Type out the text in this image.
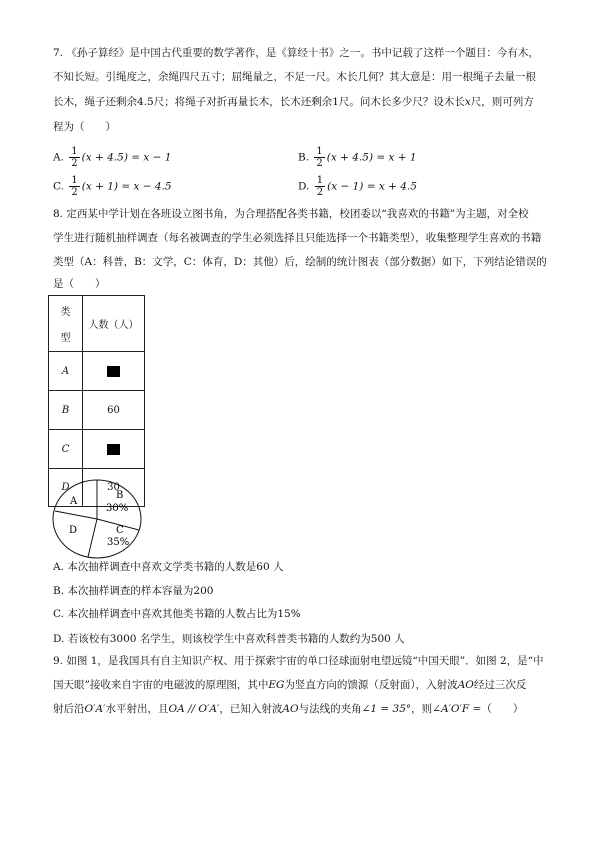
7. 《孙子算经》是中国古代重要的数学著作，是《算经十书》之一。书中记载了这样一个题目：今有木，
不知长短。引绳度之，余绳四尺五寸；屈绳量之，不足一尺。木长几何？其大意是：用一根绳子去量一根
长木，绳子还剩余4.5尺；将绳子对折再量长木，长木还剩余1尺。问木长多少尺？设木长x尺，则可列方
程为（　　）
A. $\frac{1}{2} (x + 4.5) = x - 1$	B. $\frac{1}{2} (x + 4.5) = x + 1$
C. $\frac{1}{2} (x + 1) = x - 4.5$	D. $\frac{1}{2} (x - 1) = x + 4.5$
8. 定西某中学计划在各班设立图书角，为合理搭配各类书籍，校团委以“我喜欢的书籍”为主题，对全校
学生进行随机抽样调查（每名被调查的学生必须选择且只能选择一个书籍类型），收集整理学生喜欢的书籍
类型（A：科普，B：文学，C：体育，D：其他）后，绘制的统计图表（部分数据）如下，下列结论错误的
是（　　）
类

型	人数（人）
A	
B	60
C	
D	30
A
B
30%
C
35%
D
A. 本次抽样调查中喜欢文学类书籍的人数是60 人
B. 本次抽样调查的样本容量为200
C. 本次抽样调查中喜欢其他类书籍的人数占比为15%
D. 若该校有3000 名学生，则该校学生中喜欢科普类书籍的人数约为500 人
9. 如图 1，是我国具有自主知识产权、用于探索宇宙的单口径球面射电望远镜“中国天眼”．如图 2，是“中
国天眼”接收来自宇宙的电磁波的原理图，其中EG为竖直方向的馈源（反射面），入射波AO经过三次反
射后沿O′A′水平射出，且OA // O′A′，已知入射波AO与法线的夹角∠1 = 35°，则∠A′O′F =（　　）
